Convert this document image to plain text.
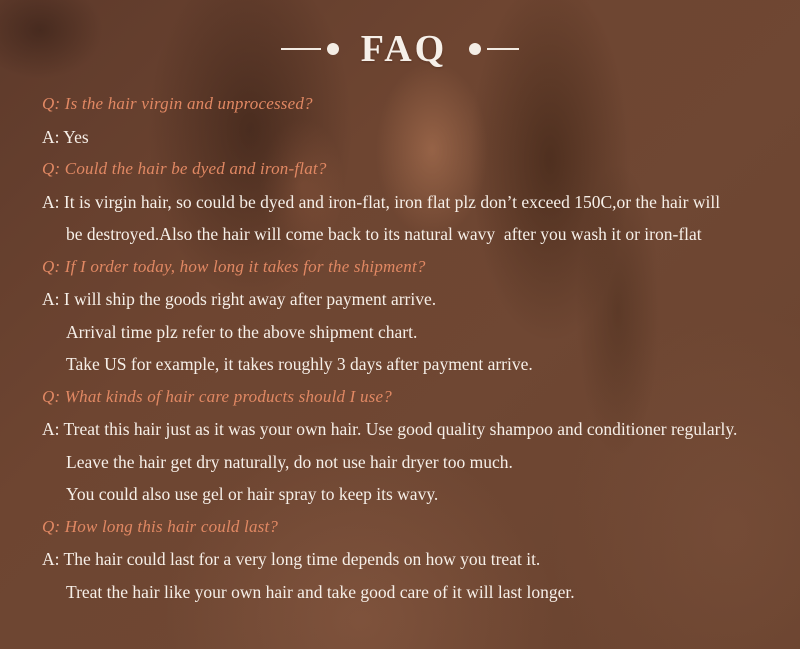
FAQ
Q: Is the hair virgin and unprocessed?
A: Yes
Q: Could the hair be dyed and iron-flat?
A: It is virgin hair, so could be dyed and iron-flat, iron flat plz don’t exceed 150C,or the hair will
be destroyed.Also the hair will come back to its natural wavy  after you wash it or iron-flat
Q: If I order today, how long it takes for the shipment?
A: I will ship the goods right away after payment arrive.
Arrival time plz refer to the above shipment chart.
Take US for example, it takes roughly 3 days after payment arrive.
Q: What kinds of hair care products should I use?
A: Treat this hair just as it was your own hair. Use good quality shampoo and conditioner regularly.
Leave the hair get dry naturally, do not use hair dryer too much.
You could also use gel or hair spray to keep its wavy.
Q: How long this hair could last?
A: The hair could last for a very long time depends on how you treat it.
Treat the hair like your own hair and take good care of it will last longer.
